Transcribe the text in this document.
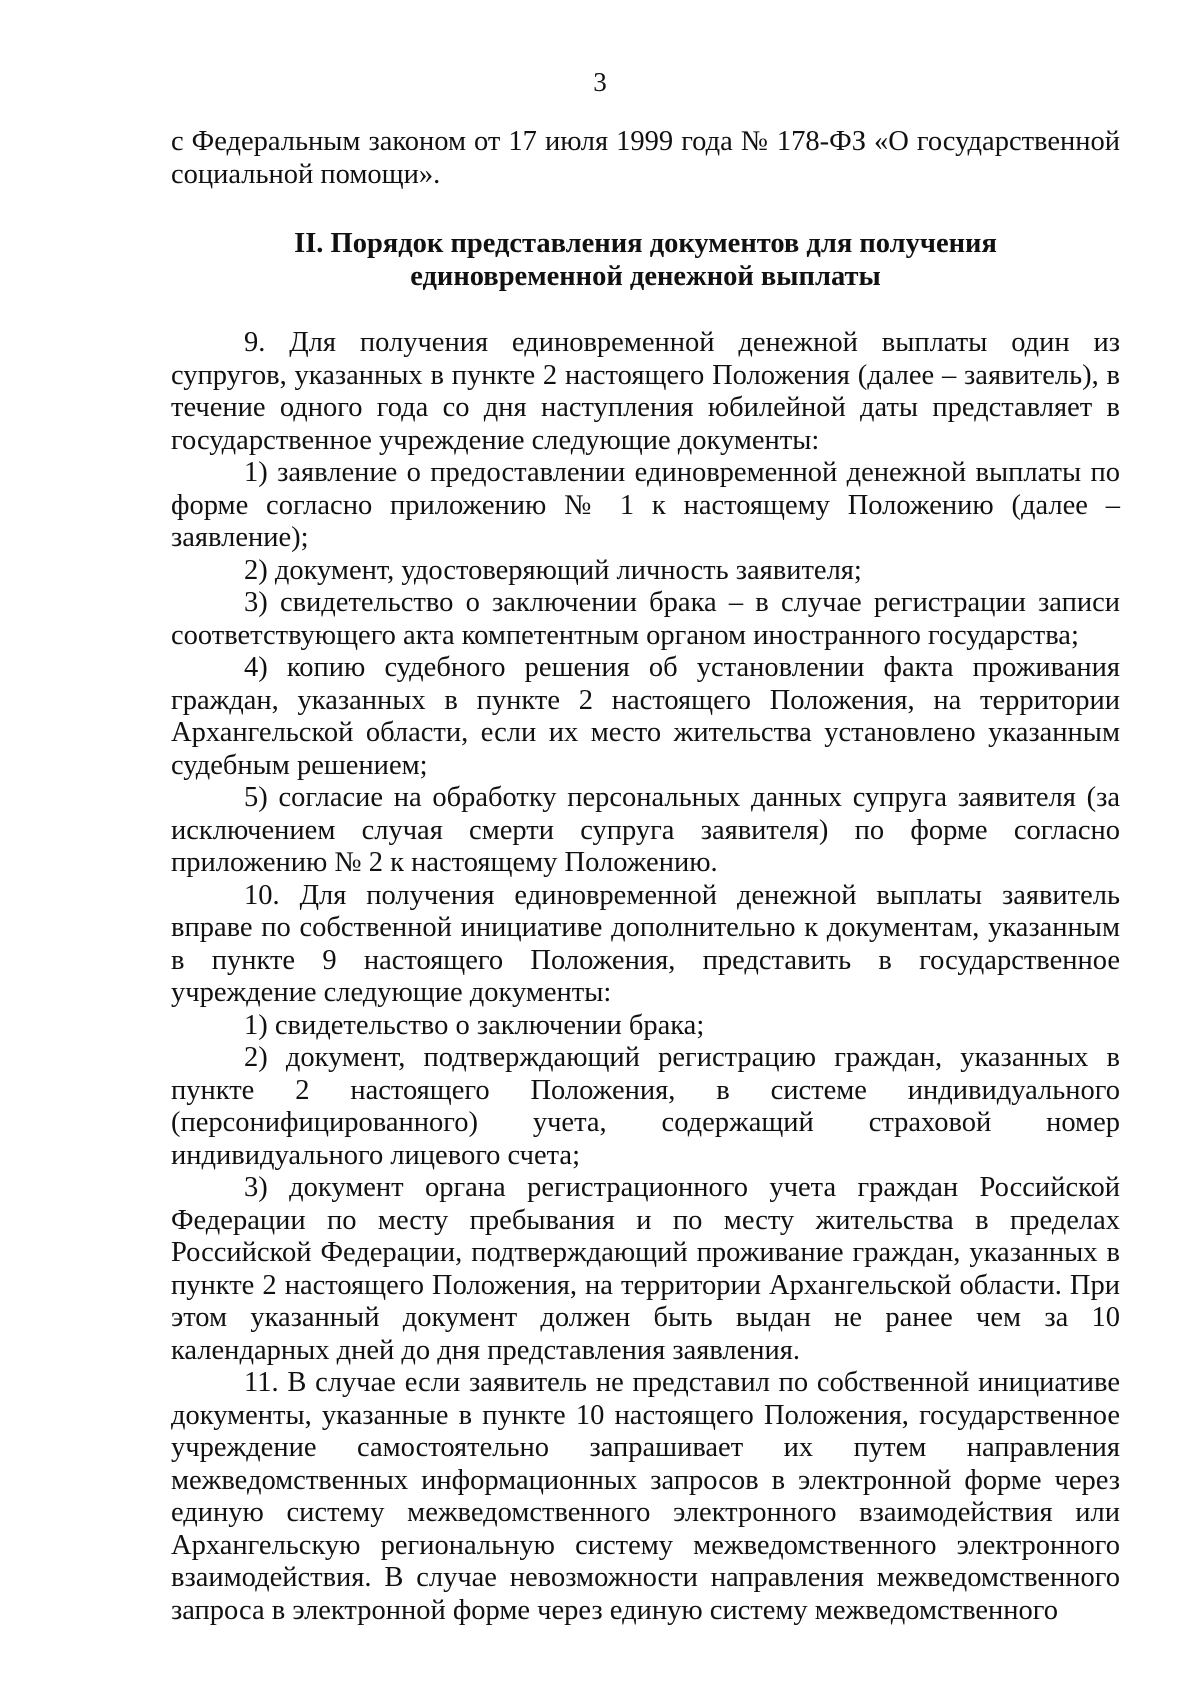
3

с Федеральным законом от 17 июля 1999 года № 178-ФЗ «О государственной социальной помощи».

II. Порядок представления документов для получения
единовременной денежной выплаты

9. Для получения единовременной денежной выплаты один из супругов, указанных в пункте 2 настоящего Положения (далее – заявитель), в течение одного года со дня наступления юбилейной даты представляет в государственное учреждение следующие документы:

1) заявление о предоставлении единовременной денежной выплаты по форме согласно приложению № 1 к настоящему Положению (далее – заявление);

2) документ, удостоверяющий личность заявителя;

3) свидетельство о заключении брака – в случае регистрации записи соответствующего акта компетентным органом иностранного государства;

4) копию судебного решения об установлении факта проживания граждан, указанных в пункте 2 настоящего Положения, на территории Архангельской области, если их место жительства установлено указанным судебным решением;

5) согласие на обработку персональных данных супруга заявителя (за исключением случая смерти супруга заявителя) по форме согласно приложению № 2 к настоящему Положению.

10. Для получения единовременной денежной выплаты заявитель вправе по собственной инициативе дополнительно к документам, указанным в пункте 9 настоящего Положения, представить в государственное учреждение следующие документы:

1) свидетельство о заключении брака;

2) документ, подтверждающий регистрацию граждан, указанных в пункте 2 настоящего Положения, в системе индивидуального (персонифицированного) учета, содержащий страховой номер индивидуального лицевого счета;

3) документ органа регистрационного учета граждан Российской Федерации по месту пребывания и по месту жительства в пределах Российской Федерации, подтверждающий проживание граждан, указанных в пункте 2 настоящего Положения, на территории Архангельской области. При этом указанный документ должен быть выдан не ранее чем за 10 календарных дней до дня представления заявления.

11. В случае если заявитель не представил по собственной инициативе документы, указанные в пункте 10 настоящего Положения, государственное учреждение самостоятельно запрашивает их путем направления межведомственных информационных запросов в электронной форме через единую систему межведомственного электронного взаимодействия или Архангельскую региональную систему межведомственного электронного взаимодействия. В случае невозможности направления межведомственного запроса в электронной форме через единую систему межведомственного
